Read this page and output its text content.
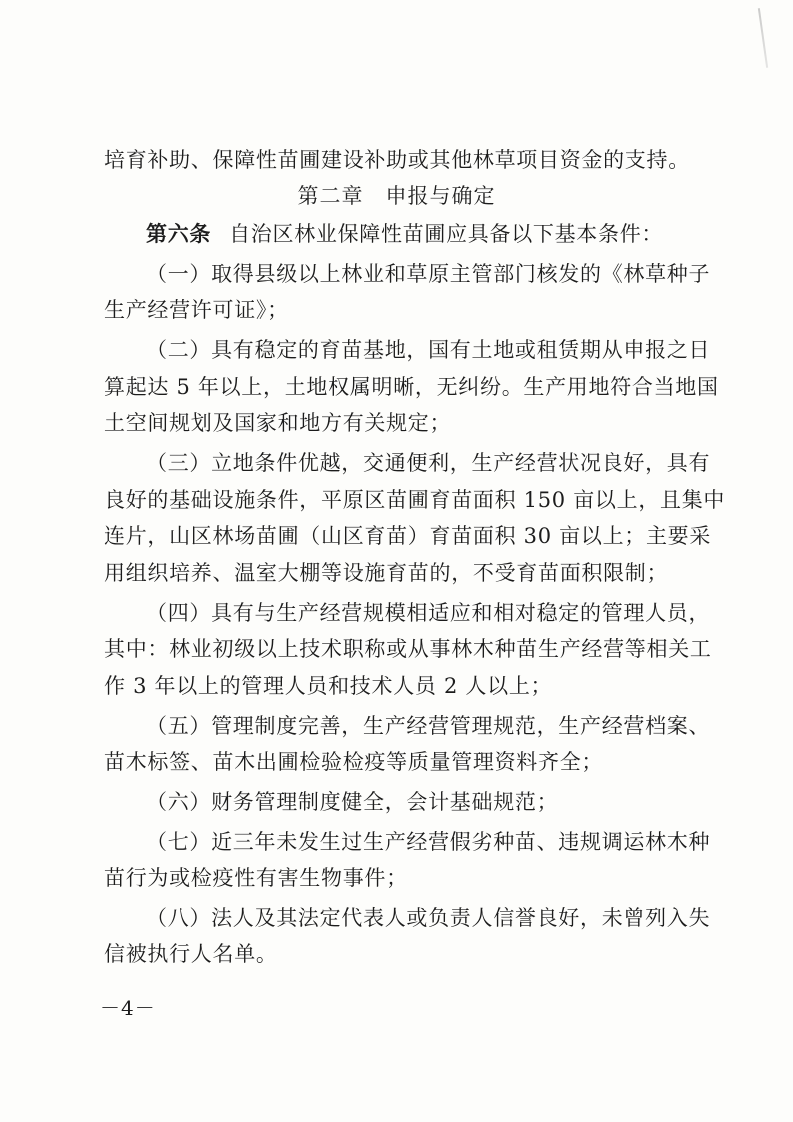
培育补助、保障性苗圃建设补助或其他林草项目资金的支持。
第二章　申报与确定
第六条 自治区林业保障性苗圃应具备以下基本条件：
（一）取得县级以上林业和草原主管部门核发的《林草种子
生产经营许可证》；
（二）具有稳定的育苗基地，国有土地或租赁期从申报之日
算起达 5 年以上，土地权属明晰，无纠纷。生产用地符合当地国
土空间规划及国家和地方有关规定；
（三）立地条件优越，交通便利，生产经营状况良好，具有
良好的基础设施条件，平原区苗圃育苗面积 150 亩以上，且集中
连片，山区林场苗圃（山区育苗）育苗面积 30 亩以上；主要采
用组织培养、温室大棚等设施育苗的，不受育苗面积限制；
（四）具有与生产经营规模相适应和相对稳定的管理人员，
其中：林业初级以上技术职称或从事林木种苗生产经营等相关工
作 3 年以上的管理人员和技术人员 2 人以上；
（五）管理制度完善，生产经营管理规范，生产经营档案、
苗木标签、苗木出圃检验检疫等质量管理资料齐全；
（六）财务管理制度健全，会计基础规范；
（七）近三年未发生过生产经营假劣种苗、违规调运林木种
苗行为或检疫性有害生物事件；
（八）法人及其法定代表人或负责人信誉良好，未曾列入失
信被执行人名单。
－4－
